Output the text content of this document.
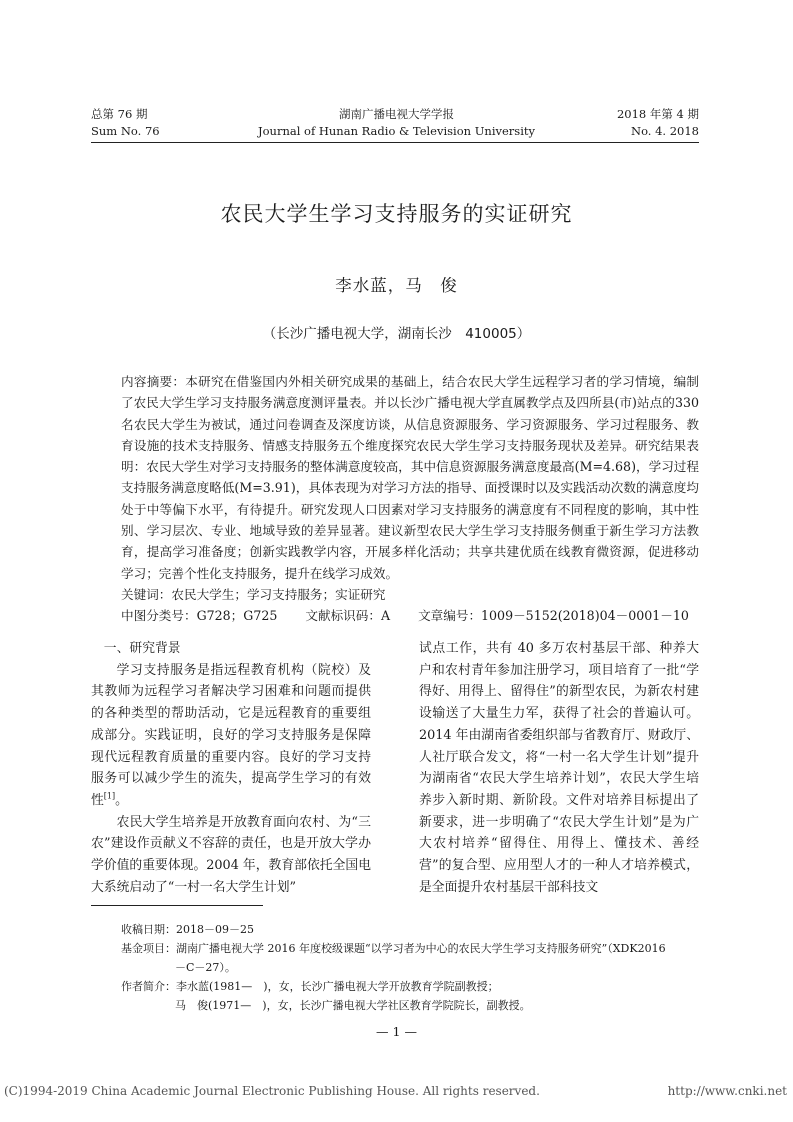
总第 76 期
Sum No. 76
湖南广播电视大学学报
Journal of Hunan Radio & Television University
2018 年第 4 期
No. 4. 2018
农民大学生学习支持服务的实证研究
李水蓝，马　俊
（长沙广播电视大学，湖南长沙　410005）
内容摘要：本研究在借鉴国内外相关研究成果的基础上，结合农民大学生远程学习者的学习情境，编制了农民大学生学习支持服务满意度测评量表。并以长沙广播电视大学直属教学点及四所县(市)站点的330名农民大学生为被试，通过问卷调查及深度访谈，从信息资源服务、学习资源服务、学习过程服务、教育设施的技术支持服务、情感支持服务五个维度探究农民大学生学习支持服务现状及差异。研究结果表明：农民大学生对学习支持服务的整体满意度较高，其中信息资源服务满意度最高(M=4.68)，学习过程支持服务满意度略低(M=3.91)，具体表现为对学习方法的指导、面授课时以及实践活动次数的满意度均处于中等偏下水平，有待提升。研究发现人口因素对学习支持服务的满意度有不同程度的影响，其中性别、学习层次、专业、地域导致的差异显著。建议新型农民大学生学习支持服务侧重于新生学习方法教育，提高学习准备度；创新实践教学内容，开展多样化活动；共享共建优质在线教育微资源，促进移动学习；完善个性化支持服务，提升在线学习成效。
关键词：农民大学生；学习支持服务；实证研究
中图分类号：G728；G725 文献标识码：A 文章编号：1009－5152(2018)04－0001－10

一、研究背景

学习支持服务是指远程教育机构（院校）及其教师为远程学习者解决学习困难和问题而提供的各种类型的帮助活动，它是远程教育的重要组成部分。实践证明，良好的学习支持服务是保障现代远程教育质量的重要内容。良好的学习支持服务可以减少学生的流失，提高学生学习的有效性[1]。

农民大学生培养是开放教育面向农村、为“三农”建设作贡献义不容辞的责任，也是开放大学办学价值的重要体现。2004 年，教育部依托全国电大系统启动了“一村一名大学生计划”

试点工作，共有 40 多万农村基层干部、种养大户和农村青年参加注册学习，项目培育了一批“学得好、用得上、留得住”的新型农民，为新农村建设输送了大量生力军，获得了社会的普遍认可。2014 年由湖南省委组织部与省教育厅、财政厅、人社厅联合发文，将“一村一名大学生计划”提升为湖南省“农民大学生培养计划”，农民大学生培养步入新时期、新阶段。文件对培养目标提出了新要求，进一步明确了“农民大学生计划”是为广大农村培养“留得住、用得上、懂技术、善经营”的复合型、应用型人才的一种人才培养模式，是全面提升农村基层干部科技文

收稿日期：2018－09－25
基金项目：湖南广播电视大学 2016 年度校级课题“以学习者为中心的农民大学生学习支持服务研究”（XDK2016
－C－27）。
作者简介：李水蓝(1981—　)，女，长沙广播电视大学开放教育学院副教授；
马　俊(1971—　)，女，长沙广播电视大学社区教育学院院长，副教授。
— 1 —
(C)1994-2019 China Academic Journal Electronic Publishing House. All rights reserved.	http://www.cnki.net
